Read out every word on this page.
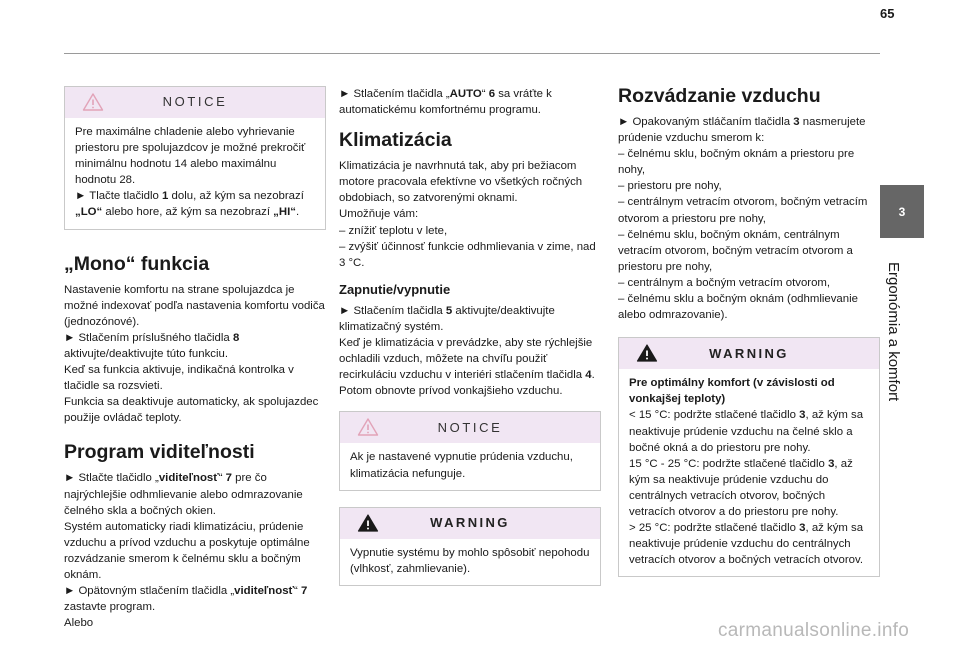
65
3
Ergonómia a komfort
NOTICE

Pre maximálne chladenie alebo vyhrievanie priestoru pre spolujazdcov je možné prekročiť minimálnu hodnotu 14 alebo maximálnu hodnotu 28.

► Tlačte tlačidlo 1 dolu, až kým sa nezobrazí „LO“ alebo hore, až kým sa nezobrazí „HI“.

„Mono“ funkcia

Nastavenie komfortu na strane spolujazdca je možné indexovať podľa nastavenia komfortu vodiča (jednozónové).

► Stlačením príslušného tlačidla 8 aktivujte/deaktivujte túto funkciu.

Keď sa funkcia aktivuje, indikačná kontrolka v tlačidle sa rozsvieti.

Funkcia sa deaktivuje automaticky, ak spolujazdec použije ovládač teploty.

Program viditeľnosti

► Stlačte tlačidlo „viditeľnosť“ 7 pre čo najrýchlejšie odhmlievanie alebo odmrazovanie čelného skla a bočných okien.

Systém automaticky riadi klimatizáciu, prúdenie vzduchu a prívod vzduchu a poskytuje optimálne rozvádzanie smerom k čelnému sklu a bočným oknám.

► Opätovným stlačením tlačidla „viditeľnosť“ 7 zastavte program.

Alebo

► Stlačením tlačidla „AUTO“ 6 sa vráťte k automatickému komfortnému programu.

Klimatizácia

Klimatizácia je navrhnutá tak, aby pri bežiacom motore pracovala efektívne vo všetkých ročných obdobiach, so zatvorenými oknami.

Umožňuje vám:

– znížiť teplotu v lete,

– zvýšiť účinnosť funkcie odhmlievania v zime, nad 3 °C.

Zapnutie/vypnutie

► Stlačením tlačidla 5 aktivujte/deaktivujte klimatizačný systém.

Keď je klimatizácia v prevádzke, aby ste rýchlejšie ochladili vzduch, môžete na chvíľu použiť recirkuláciu vzduchu v interiéri stlačením tlačidla 4. Potom obnovte prívod vonkajšieho vzduchu.

NOTICE

Ak je nastavené vypnutie prúdenia vzduchu, klimatizácia nefunguje.

WARNING

Vypnutie systému by mohlo spôsobiť nepohodu (vlhkosť, zahmlievanie).

Rozvádzanie vzduchu

► Opakovaným stláčaním tlačidla 3 nasmerujete prúdenie vzduchu smerom k:

– čelnému sklu, bočným oknám a priestoru pre nohy,

– priestoru pre nohy,

– centrálnym vetracím otvorom, bočným vetracím otvorom a priestoru pre nohy,

– čelnému sklu, bočným oknám, centrálnym vetracím otvorom, bočným vetracím otvorom a priestoru pre nohy,

– centrálnym a bočným vetracím otvorom,

– čelnému sklu a bočným oknám (odhmlievanie alebo odmrazovanie).

WARNING

Pre optimálny komfort (v závislosti od vonkajšej teploty)

< 15 °C: podržte stlačené tlačidlo 3, až kým sa neaktivuje prúdenie vzduchu na čelné sklo a bočné okná a do priestoru pre nohy.

15 °C - 25 °C: podržte stlačené tlačidlo 3, až kým sa neaktivuje prúdenie vzduchu do centrálnych vetracích otvorov, bočných vetracích otvorov a do priestoru pre nohy.

> 25 °C: podržte stlačené tlačidlo 3, až kým sa neaktivuje prúdenie vzduchu do centrálnych vetracích otvorov a bočných vetracích otvorov.

carmanualsonline.info
